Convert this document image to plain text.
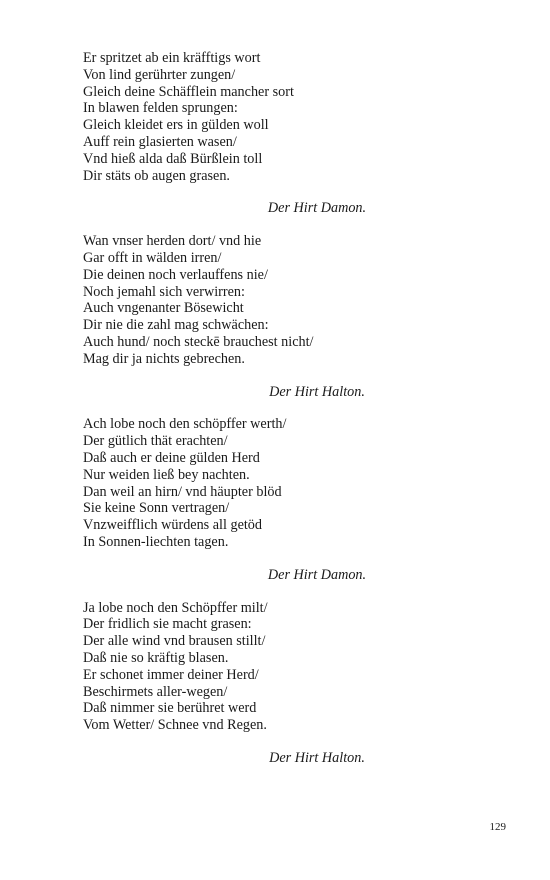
Er spritzet ab ein kräfftigs wort
Von lind gerührter zungen/
Gleich deine Schäfflein mancher sort
In blawen felden sprungen:
Gleich kleidet ers in gülden woll
Auff rein glasierten wasen/
Vnd hieß alda daß Bürßlein toll
Dir stäts ob augen grasen.
Der Hirt Damon.
Wan vnser herden dort/ vnd hie
Gar offt in wälden irren/
Die deinen noch verlauffens nie/
Noch jemahl sich verwirren:
Auch vngenanter Bösewicht
Dir nie die zahl mag schwächen:
Auch hund/ noch steckē brauchest nicht/
Mag dir ja nichts gebrechen.
Der Hirt Halton.
Ach lobe noch den schöpffer werth/
Der gütlich thät erachten/
Daß auch er deine gülden Herd
Nur weiden ließ bey nachten.
Dan weil an hirn/ vnd häupter blöd
Sie keine Sonn vertragen/
Vnzweifflich würdens all getöd
In Sonnen-liechten tagen.
Der Hirt Damon.
Ja lobe noch den Schöpffer milt/
Der fridlich sie macht grasen:
Der alle wind vnd brausen stillt/
Daß nie so kräftig blasen.
Er schonet immer deiner Herd/
Beschirmets aller-wegen/
Daß nimmer sie berühret werd
Vom Wetter/ Schnee vnd Regen.
Der Hirt Halton.
129
